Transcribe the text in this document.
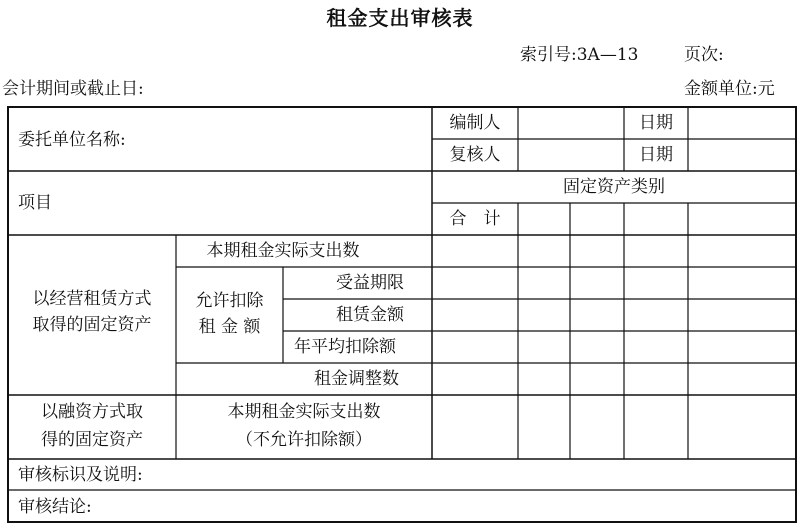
租金支出审核表
索引号:3A—13	页次:
会计期间或截止日:	金额单位:元
委托单位名称:
编制人
复核人
日期
日期
项目
固定资产类别
合　计
以经营租赁方式
取得的固定资产
本期租金实际支出数
允许扣除
租 金 额
受益期限
租赁金额
年平均扣除额
租金调整数
以融资方式取
得的固定资产
本期租金实际支出数
（不允许扣除额）
审核标识及说明:
审核结论:
